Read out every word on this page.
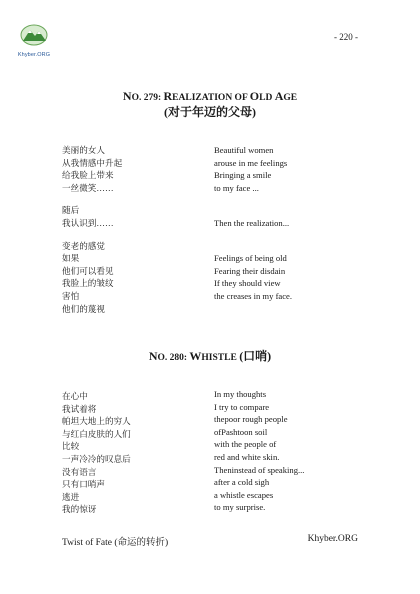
Khyber.ORG
- 220 -
NO. 279: REALIZATION OF OLD AGE
(对于年迈的父母)
美丽的女人
从我情感中升起
给我脸上带来
一丝微笑……
随后
我认识到……
变老的感觉
如果
他们可以看见
我脸上的皱纹
害怕
他们的蔑视
Beautiful women
arouse in me feelings
Bringing a smile
to my face ...
Then the realization...
Feelings of being old
Fearing their disdain
If they should view
the creases in my face.
NO. 280: WHISTLE (口哨)
在心中
我试着将
帕坦大地上的穷人
与红白皮肤的人们
比较
一声冷冷的叹息后
没有语言
只有口哨声
逃进
我的惊讶
In my thoughts
I try to compare
thepoor rough people
ofPashtoon soil
with the people of
red and white skin.
Theninstead of speaking...
after a cold sigh
a whistle escapes
to my surprise.
Twist of Fate (命运的转折)	Khyber.ORG
